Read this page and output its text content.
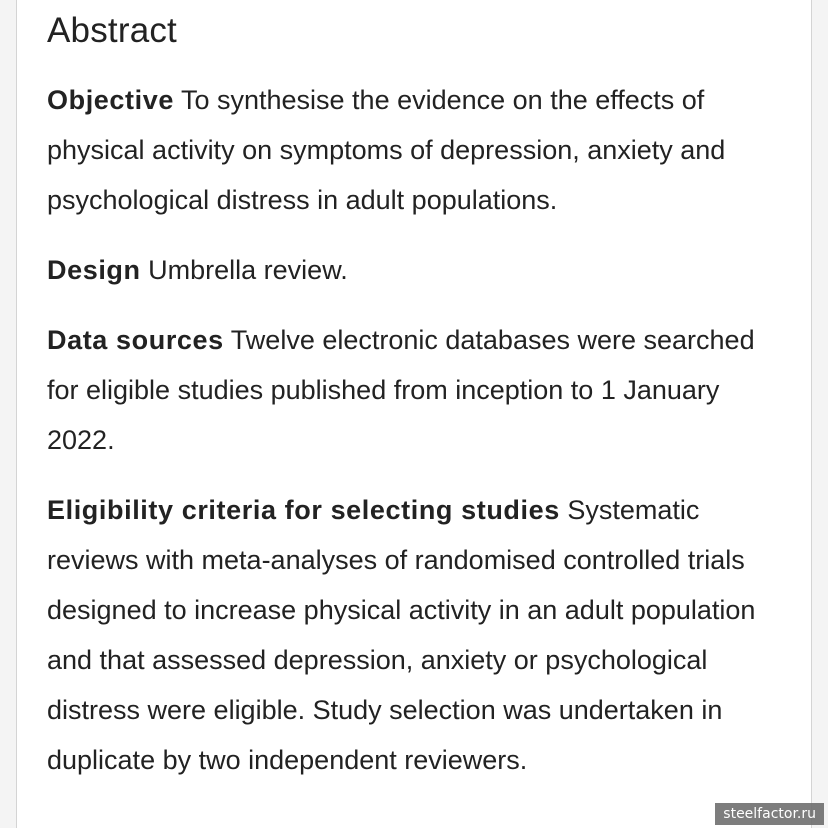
Abstract

Objective To synthesise the evidence on the effects of physical activity on symptoms of depression, anxiety and psychological distress in adult populations.

Design Umbrella review.

Data sources Twelve electronic databases were searched for eligible studies published from inception to 1 January 2022.

Eligibility criteria for selecting studies Systematic reviews with meta-analyses of randomised controlled trials designed to increase physical activity in an adult population and that assessed depression, anxiety or psychological distress were eligible. Study selection was undertaken in duplicate by two independent reviewers.

steelfactor.ru
